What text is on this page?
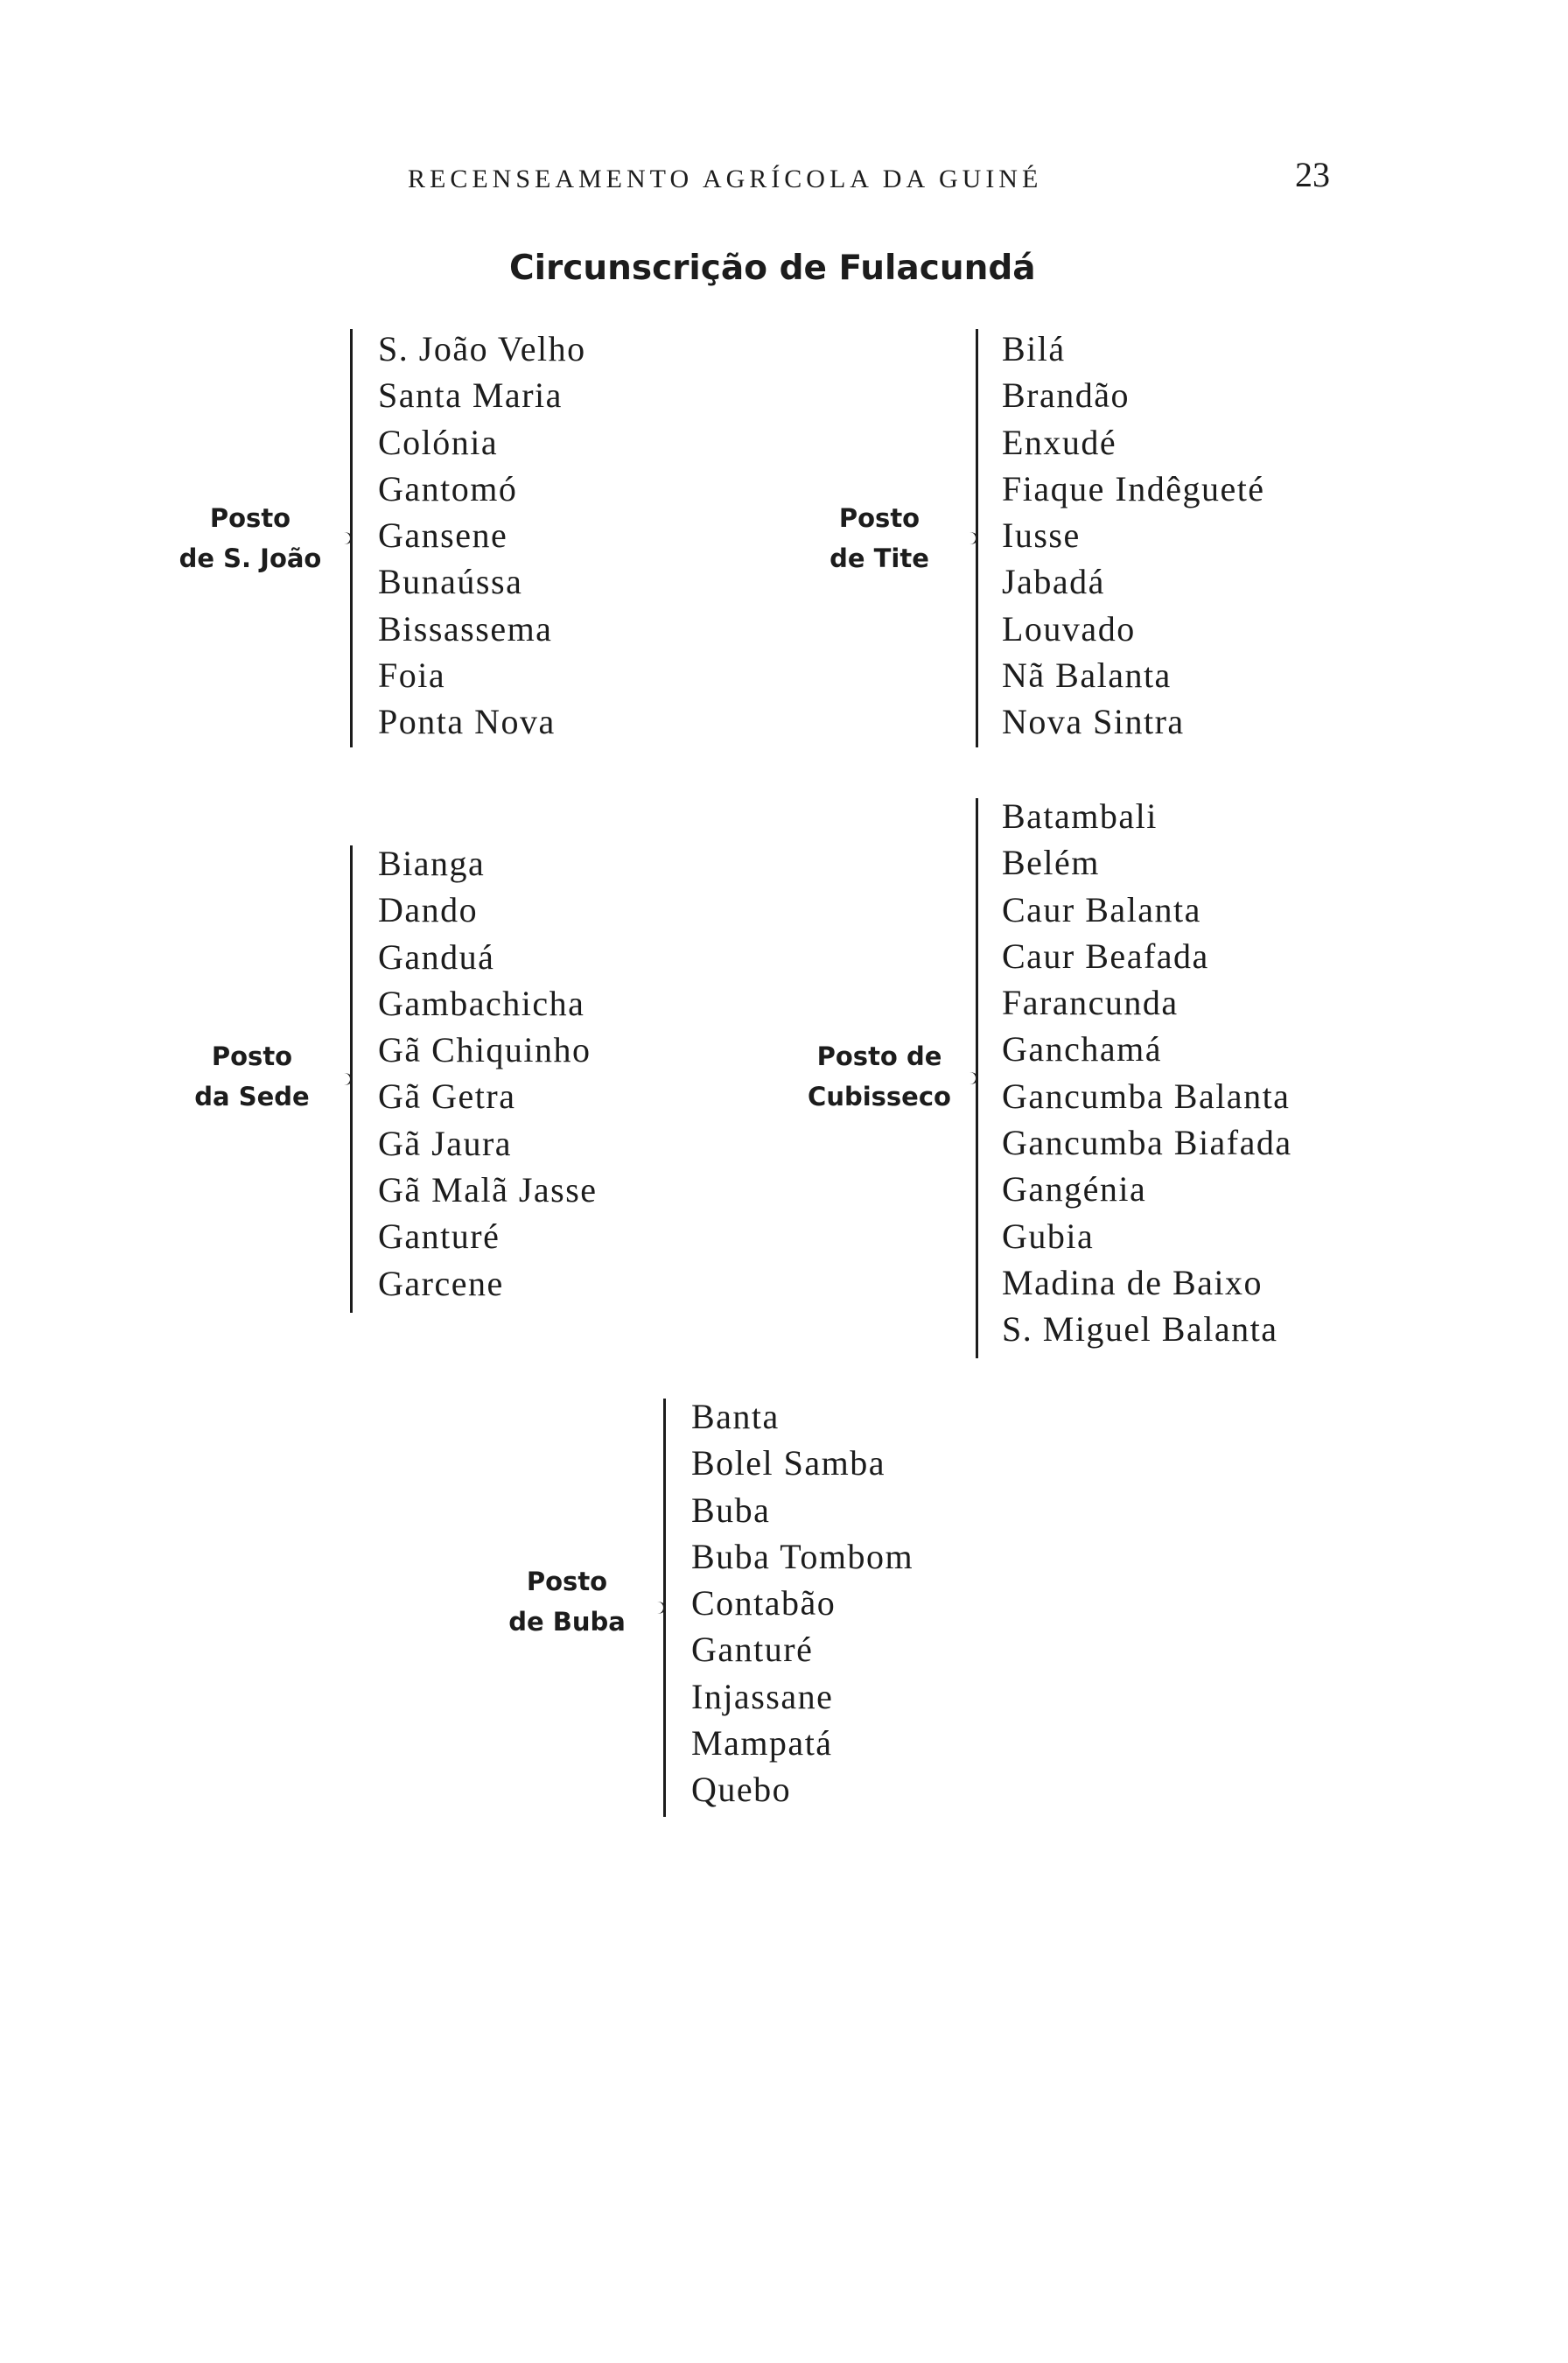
RECENSEAMENTO AGRÍCOLA DA GUINÉ	23
Circunscrição de Fulacundá
Posto
de S. João
S. João Velho
Santa Maria
Colónia
Gantomó
Gansene
Bunaússa
Bissassema
Foia
Ponta Nova
Posto
de Tite
Bilá
Brandão
Enxudé
Fiaque Indêgueté
Iusse
Jabadá
Louvado
Nã Balanta
Nova Sintra
Posto
da Sede
Bianga
Dando
Ganduá
Gambachicha
Gã Chiquinho
Gã Getra
Gã Jaura
Gã Malã Jasse
Ganturé
Garcene
Posto de
Cubisseco
Batambali
Belém
Caur Balanta
Caur Beafada
Farancunda
Ganchamá
Gancumba Balanta
Gancumba Biafada
Gangénia
Gubia
Madina de Baixo
S. Miguel Balanta
Posto
de Buba
Banta
Bolel Samba
Buba
Buba Tombom
Contabão
Ganturé
Injassane
Mampatá
Quebo
